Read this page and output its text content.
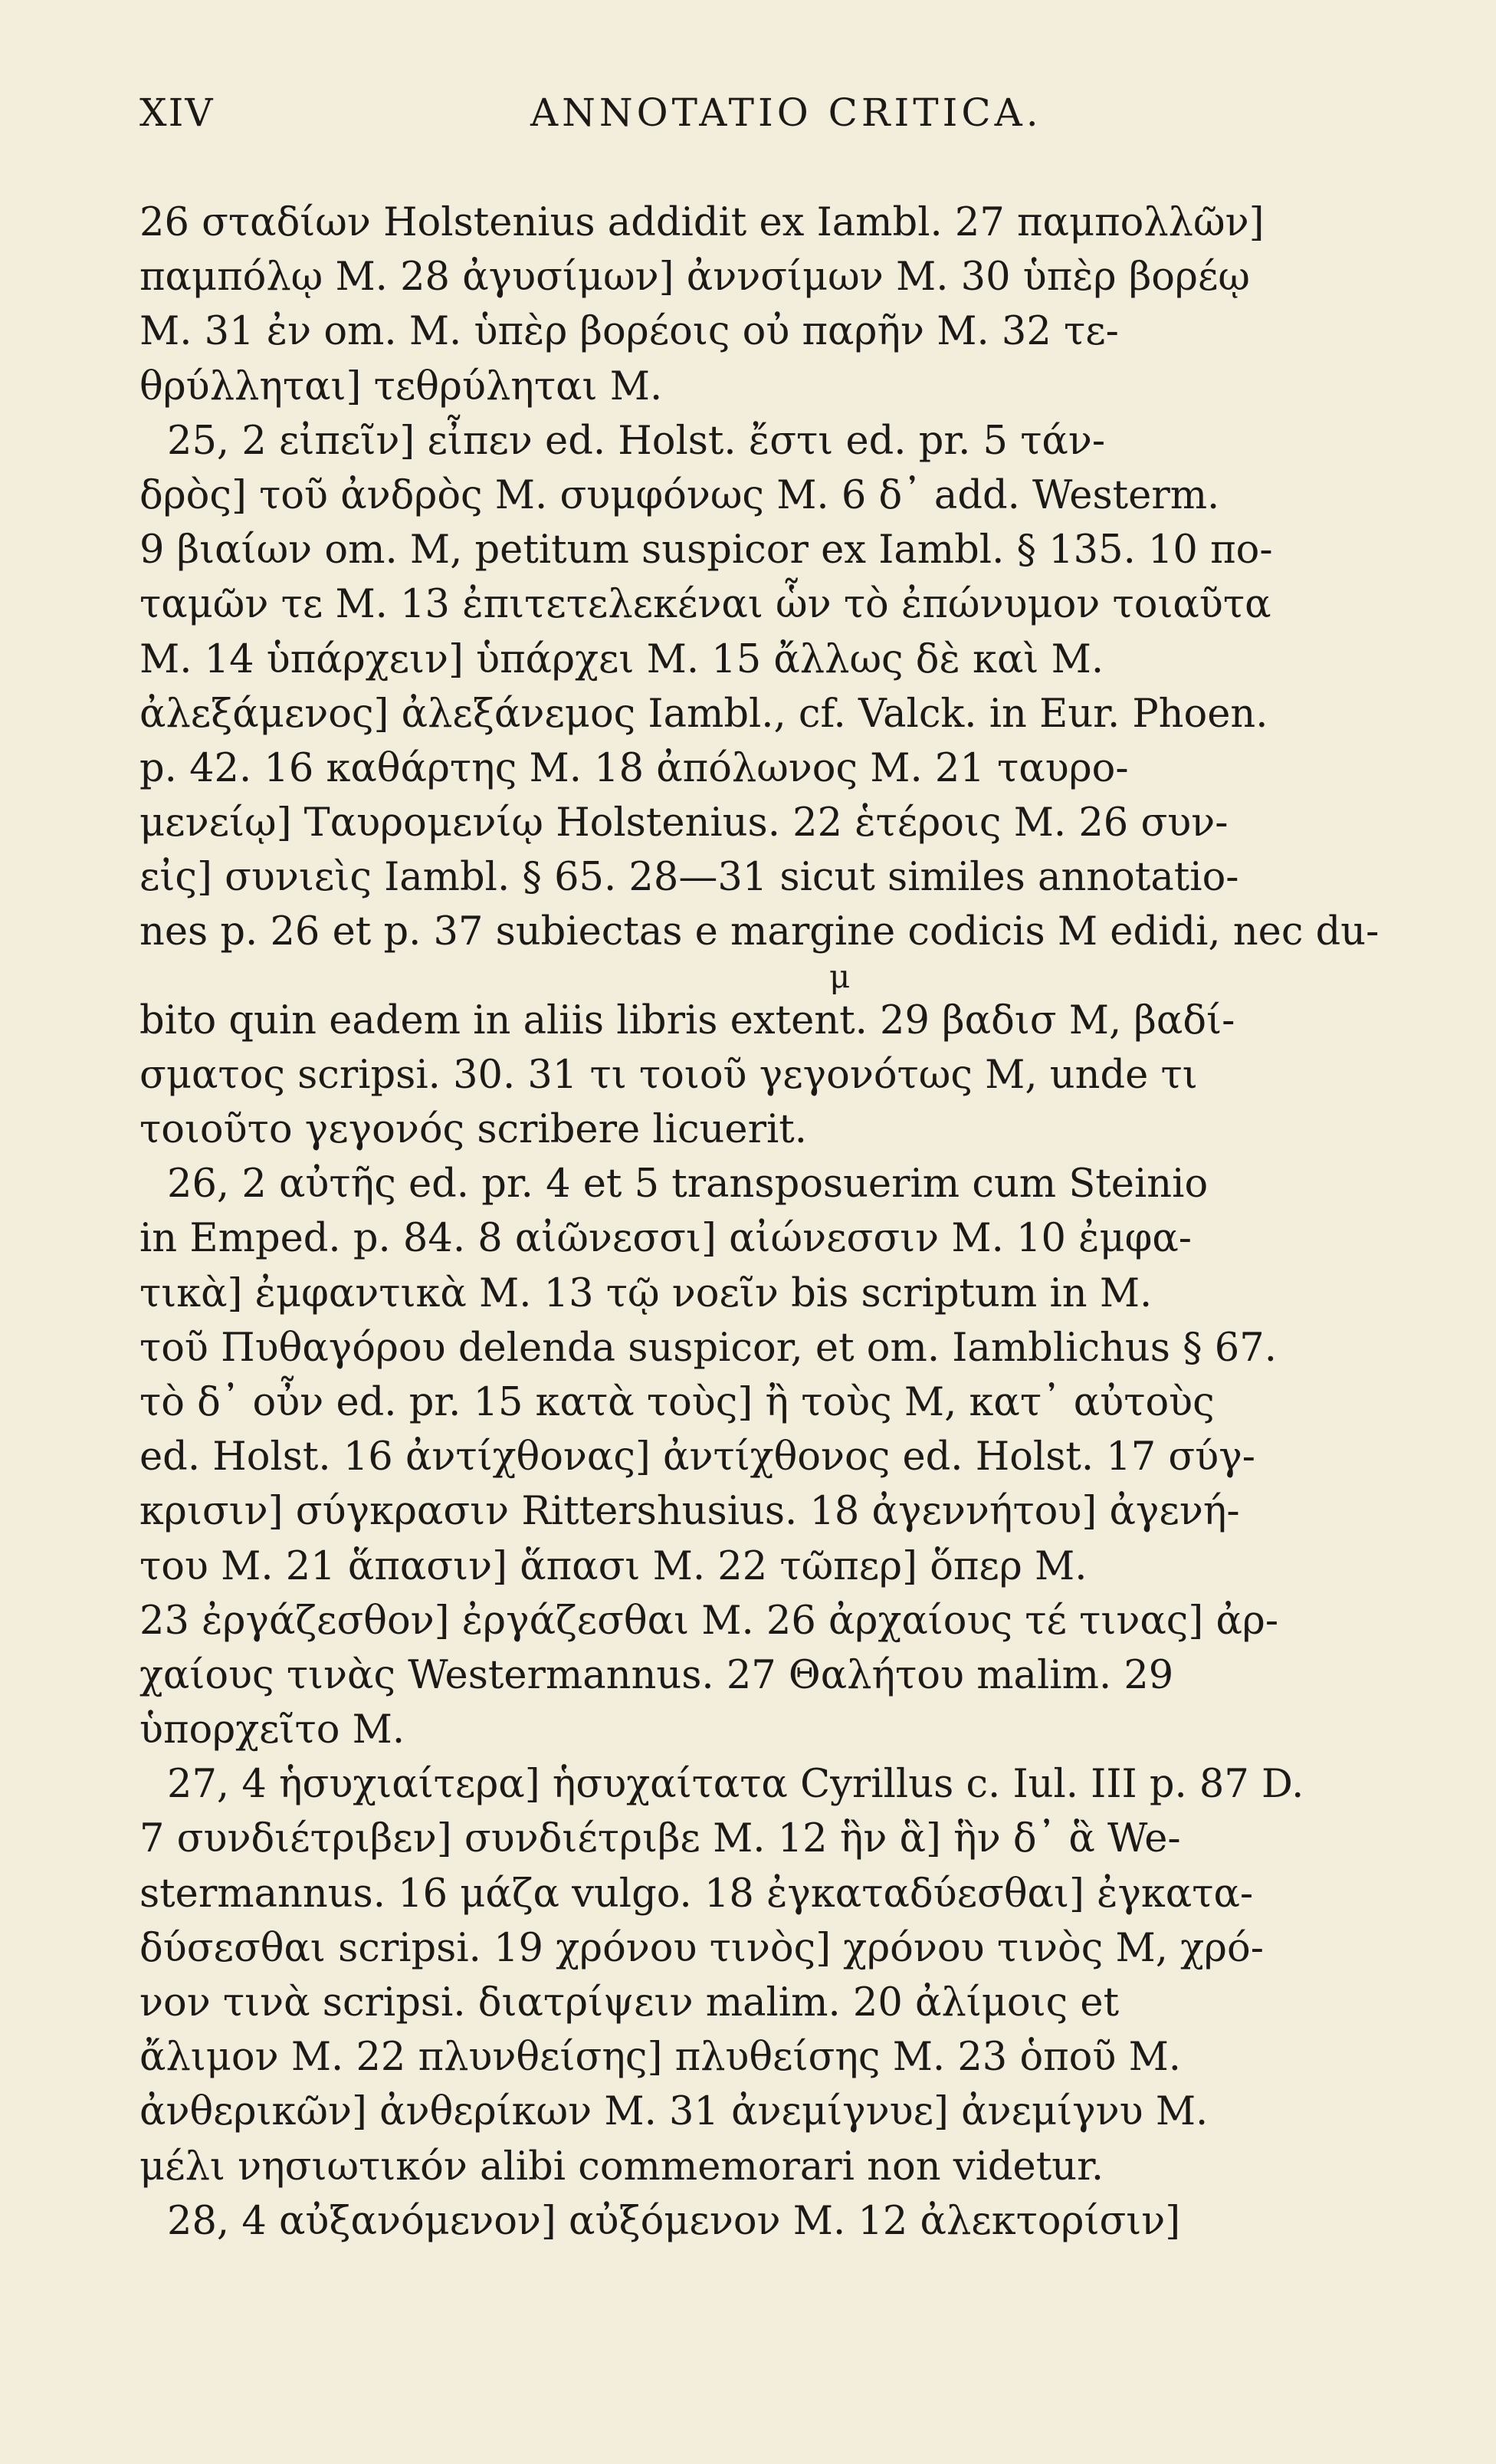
XIV	ANNOTATIO CRITICA.
26 σταδίων Holstenius addidit ex Iambl. 27 παμπολλῶν]
παμπόλῳ M. 28 ἀγυσίμων] ἀννσίμων M. 30 ὑπὲρ βορέῳ
M. 31 ἐν om. M. ὑπὲρ βορέοις οὐ παρῆν M. 32 τε-
θρύλληται] τεθρύληται M.
25, 2 εἰπεῖν] εἶπεν ed. Holst. ἔστι ed. pr. 5 τάν-
δρὸς] τοῦ ἀνδρὸς M. συμφόνως M. 6 δ᾽ add. Westerm.
9 βιαίων om. M, petitum suspicor ex Iambl. § 135. 10 πο-
ταμῶν τε M. 13 ἐπιτετελεκέναι ὧν τὸ ἐπώνυμον τοιαῦτα
M. 14 ὑπάρχειν] ὑπάρχει M. 15 ἄλλως δὲ καὶ M.
ἀλεξάμενος] ἀλεξάνεμος Iambl., cf. Valck. in Eur. Phoen.
p. 42. 16 καθάρτης M. 18 ἀπόλωνος M. 21 ταυρο-
μενείῳ] Ταυρομενίῳ Holstenius. 22 ἑτέροις M. 26 συν-
εἰς] συνιεὶς Iambl. § 65. 28—31 sicut similes annotatio-
nes p. 26 et p. 37 subiectas e margine codicis M edidi, nec du-
μ
bito quin eadem in aliis libris extent. 29 βαδισ M, βαδί-
σματος scripsi. 30. 31 τι τοιοῦ γεγονότως M, unde τι
τοιοῦτο γεγονός scribere licuerit.
26, 2 αὐτῆς ed. pr. 4 et 5 transposuerim cum Steinio
in Emped. p. 84. 8 αἰῶνεσσι] αἰώνεσσιν M. 10 ἐμφα-
τικὰ] ἐμφαντικὰ M. 13 τῷ νοεῖν bis scriptum in M.
τοῦ Πυθαγόρου delenda suspicor, et om. Iamblichus § 67.
τὸ δ᾽ οὖν ed. pr. 15 κατὰ τοὺς] ἢ τοὺς M, κατ᾽ αὐτοὺς
ed. Holst. 16 ἀντίχθονας] ἀντίχθονος ed. Holst. 17 σύγ-
κρισιν] σύγκρασιν Rittershusius. 18 ἀγεννήτου] ἀγενή-
του M. 21 ἅπασιν] ἅπασι M. 22 τῶπερ] ὅπερ M.
23 ἐργάζεσθον] ἐργάζεσθαι M. 26 ἀρχαίους τέ τινας] ἀρ-
χαίους τινὰς Westermannus. 27 Θαλήτου malim. 29
ὑπορχεῖτο M.
27, 4 ἡσυχιαίτερα] ἡσυχαίτατα Cyrillus c. Iul. III p. 87 D.
7 συνδιέτριβεν] συνδιέτριβε M. 12 ἣν ἃ] ἣν δ᾽ ἃ We-
stermannus. 16 μάζα vulgo. 18 ἐγκαταδύεσθαι] ἐγκατα-
δύσεσθαι scripsi. 19 χρόνου τινὸς] χρόνου τινὸς M, χρό-
νον τινὰ scripsi. διατρίψειν malim. 20 ἀλίμοις et
ἄλιμον M. 22 πλυνθείσης] πλυθείσης M. 23 ὁποῦ M.
ἀνθερικῶν] ἀνθερίκων M. 31 ἀνεμίγνυε] ἀνεμίγνυ M.
μέλι νησιωτικόν alibi commemorari non videtur.
28, 4 αὐξανόμενον] αὐξόμενον M. 12 ἀλεκτορίσιν]
